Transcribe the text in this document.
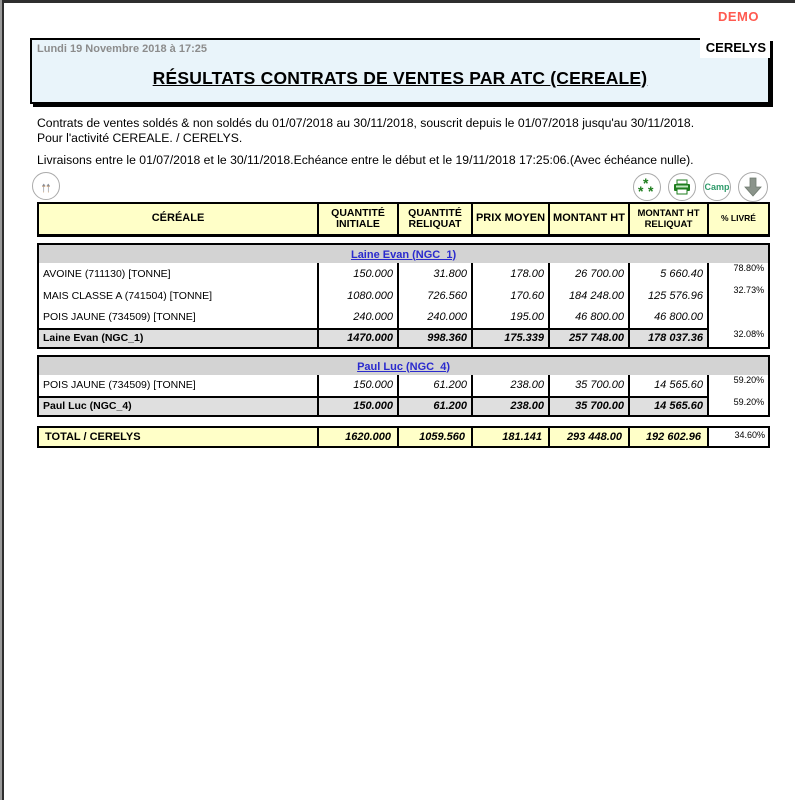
DEMO
Lundi 19 Novembre 2018 à 17:25	CERELYS
RÉSULTATS CONTRATS DE VENTES PAR ATC (CEREALE)

Contrats de ventes soldés & non soldés du 01/07/2018 au 30/11/2018, souscrit depuis le 01/07/2018 jusqu'au 30/11/2018.
Pour l'activité CEREALE. / CERELYS.

Livraisons entre le 01/07/2018 et le 30/11/2018.Echéance entre le début et le 19/11/2018 17:25:06.(Avec échéance nulle).

↑↑	*
* *	Camp
CÉRÉALE	QUANTITÉ INITIALE	QUANTITÉ RELIQUAT	PRIX MOYEN	MONTANT HT	MONTANT HT RELIQUAT	% LIVRÉ
Laine Evan (NGC_1)						
AVOINE (711130) [TONNE]	150.000	31.800	178.00	26 700.00	5 660.40	78.80%
MAIS CLASSE A (741504) [TONNE]	1080.000	726.560	170.60	184 248.00	125 576.96	32.73%
POIS JAUNE (734509) [TONNE]	240.000	240.000	195.00	46 800.00	46 800.00	
Laine Evan (NGC_1)	1470.000	998.360	175.339	257 748.00	178 037.36	32.08%
Paul Luc (NGC_4)						
POIS JAUNE (734509) [TONNE]	150.000	61.200	238.00	35 700.00	14 565.60	59.20%
Paul Luc (NGC_4)	150.000	61.200	238.00	35 700.00	14 565.60	59.20%
TOTAL / CERELYS	1620.000	1059.560	181.141	293 448.00	192 602.96	34.60%
